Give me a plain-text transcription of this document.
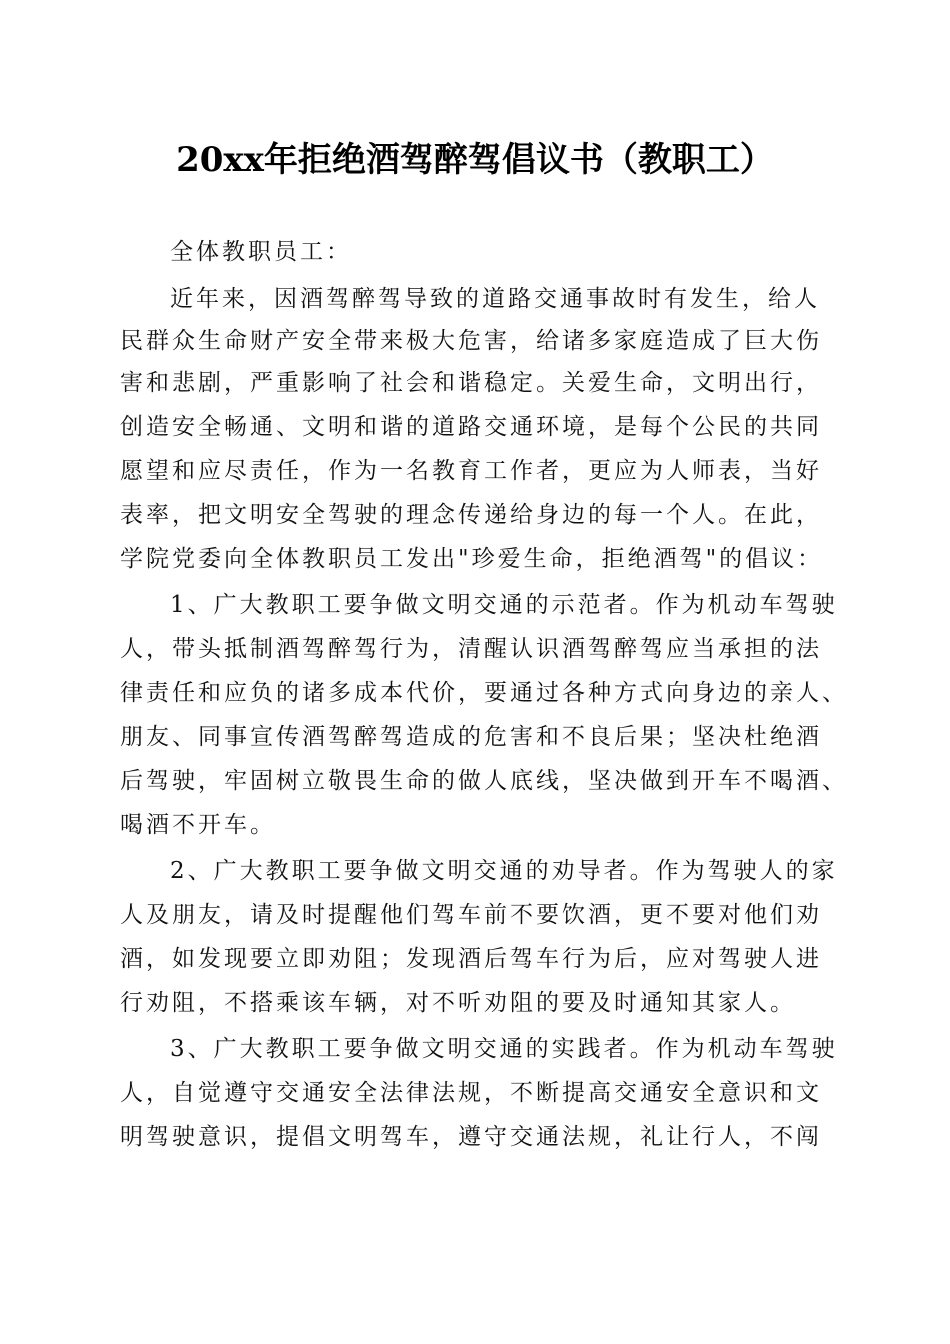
20xx年拒绝酒驾醉驾倡议书（教职工）
全体教职员工：
近年来，因酒驾醉驾导致的道路交通事故时有发生，给人
民群众生命财产安全带来极大危害，给诸多家庭造成了巨大伤
害和悲剧，严重影响了社会和谐稳定。关爱生命，文明出行，
创造安全畅通、文明和谐的道路交通环境，是每个公民的共同
愿望和应尽责任，作为一名教育工作者，更应为人师表，当好
表率，把文明安全驾驶的理念传递给身边的每一个人。在此，
学院党委向全体教职员工发出"珍爱生命，拒绝酒驾"的倡议：
1、广大教职工要争做文明交通的示范者。作为机动车驾驶
人，带头抵制酒驾醉驾行为，清醒认识酒驾醉驾应当承担的法
律责任和应负的诸多成本代价，要通过各种方式向身边的亲人、
朋友、同事宣传酒驾醉驾造成的危害和不良后果；坚决杜绝酒
后驾驶，牢固树立敬畏生命的做人底线，坚决做到开车不喝酒、
喝酒不开车。
2、广大教职工要争做文明交通的劝导者。作为驾驶人的家
人及朋友，请及时提醒他们驾车前不要饮酒，更不要对他们劝
酒，如发现要立即劝阻；发现酒后驾车行为后，应对驾驶人进
行劝阻，不搭乘该车辆，对不听劝阻的要及时通知其家人。
3、广大教职工要争做文明交通的实践者。作为机动车驾驶
人，自觉遵守交通安全法律法规，不断提高交通安全意识和文
明驾驶意识，提倡文明驾车，遵守交通法规，礼让行人，不闯
